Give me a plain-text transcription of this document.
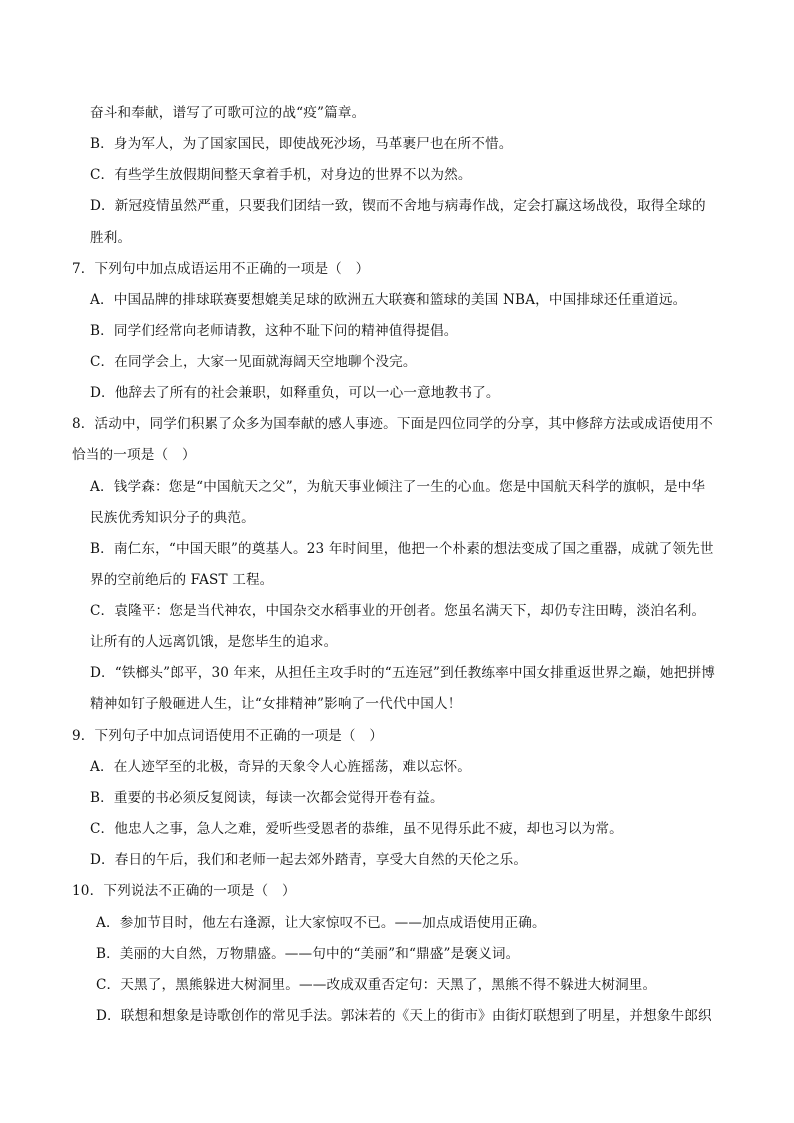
奋斗和奉献，谱写了可歌可泣的战“疫”篇章。
B．身为军人，为了国家国民，即使战死沙场，马革裹尸也在所不惜。
C．有些学生放假期间整天拿着手机，对身边的世界不以为然。
D．新冠疫情虽然严重，只要我们团结一致，锲而不舍地与病毒作战，定会打赢这场战役，取得全球的
胜利。
7．下列句中加点成语运用不正确的一项是（　）
A．中国品牌的排球联赛要想媲美足球的欧洲五大联赛和篮球的美国 NBA，中国排球还任重道远。
B．同学们经常向老师请教，这种不耻下问的精神值得提倡。
C．在同学会上，大家一见面就海阔天空地聊个没完。
D．他辞去了所有的社会兼职，如释重负，可以一心一意地教书了。
8．活动中，同学们积累了众多为国奉献的感人事迹。下面是四位同学的分享，其中修辞方法或成语使用不
恰当的一项是（　）
A．钱学森：您是“中国航天之父”，为航天事业倾注了一生的心血。您是中国航天科学的旗帜，是中华
民族优秀知识分子的典范。
B．南仁东，“中国天眼”的奠基人。23 年时间里，他把一个朴素的想法变成了国之重器，成就了领先世
界的空前绝后的 FAST 工程。
C．袁隆平：您是当代神农，中国杂交水稻事业的开创者。您虽名满天下，却仍专注田畴，淡泊名利。
让所有的人远离饥饿，是您毕生的追求。
D．“铁榔头”郎平，30 年来，从担任主攻手时的“五连冠”到任教练率中国女排重返世界之巅，她把拼博
精神如钉子般砸进人生，让“女排精神”影响了一代代中国人！
9．下列句子中加点词语使用不正确的一项是（　）
A．在人迹罕至的北极，奇异的天象令人心旌摇荡，难以忘怀。
B．重要的书必须反复阅读，每读一次都会觉得开卷有益。
C．他忠人之事，急人之难，爱听些受恩者的恭维，虽不见得乐此不疲，却也习以为常。
D．春日的午后，我们和老师一起去郊外踏青，享受大自然的天伦之乐。
10．下列说法不正确的一项是（　）
A．参加节目时，他左右逢源，让大家惊叹不已。——加点成语使用正确。
B．美丽的大自然，万物鼎盛。——句中的“美丽”和“鼎盛”是褒义词。
C．天黑了，黑熊躲进大树洞里。——改成双重否定句：天黑了，黑熊不得不躲进大树洞里。
D．联想和想象是诗歌创作的常见手法。郭沫若的《天上的街市》由街灯联想到了明星，并想象牛郎织
